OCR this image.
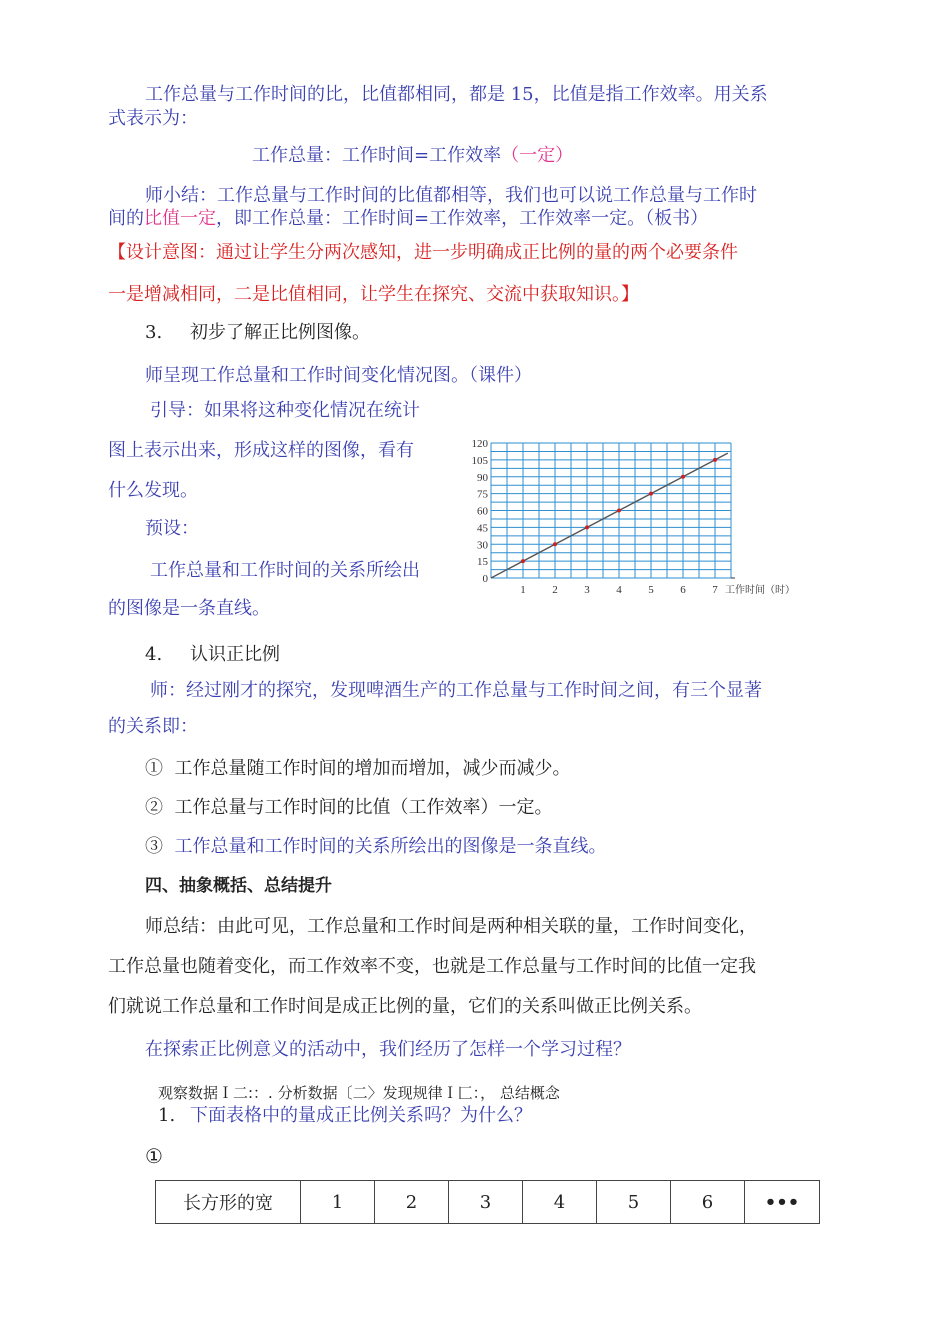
工作总量与工作时间的比，比值都相同，都是 15，比值是指工作效率。用关系
式表示为：
工作总量：工作时间=工作效率（一定）
师小结：工作总量与工作时间的比值都相等，我们也可以说工作总量与工作时
间的比值一定，即工作总量：工作时间=工作效率，工作效率一定。（板书）
【设计意图：通过让学生分两次感知，进一步明确成正比例的量的两个必要条件
一是增减相同，二是比值相同，让学生在探究、交流中获取知识。】
3. 初步了解正比例图像。
师呈现工作总量和工作时间变化情况图。（课件）
引导：如果将这种变化情况在统计
图上表示出来，形成这样的图像，看有
什么发现。
预设：
工作总量和工作时间的关系所绘出
的图像是一条直线。
0
15
30
45
60
75
90
105
120
1 2 3 4 5 6 7 工作时间（时）
4. 认识正比例
师：经过刚才的探究，发现啤酒生产的工作总量与工作时间之间，有三个显著
的关系即：
① 工作总量随工作时间的增加而增加，减少而减少。
② 工作总量与工作时间的比值（工作效率）一定。
③ 工作总量和工作时间的关系所绘出的图像是一条直线。
四、抽象概括、总结提升
师总结：由此可见，工作总量和工作时间是两种相关联的量，工作时间变化，
工作总量也随着变化，而工作效率不变，也就是工作总量与工作时间的比值一定我
们就说工作总量和工作时间是成正比例的量，它们的关系叫做正比例关系。
在探索正比例意义的活动中，我们经历了怎样一个学习过程？
观察数据Ｉ二:：. 分析数据〔二〉发现规律Ｉ匚：， 总结概念
1. 下面表格中的量成正比例关系吗？为什么？
①
长方形的宽	1	2	3	4	5	6	•••
